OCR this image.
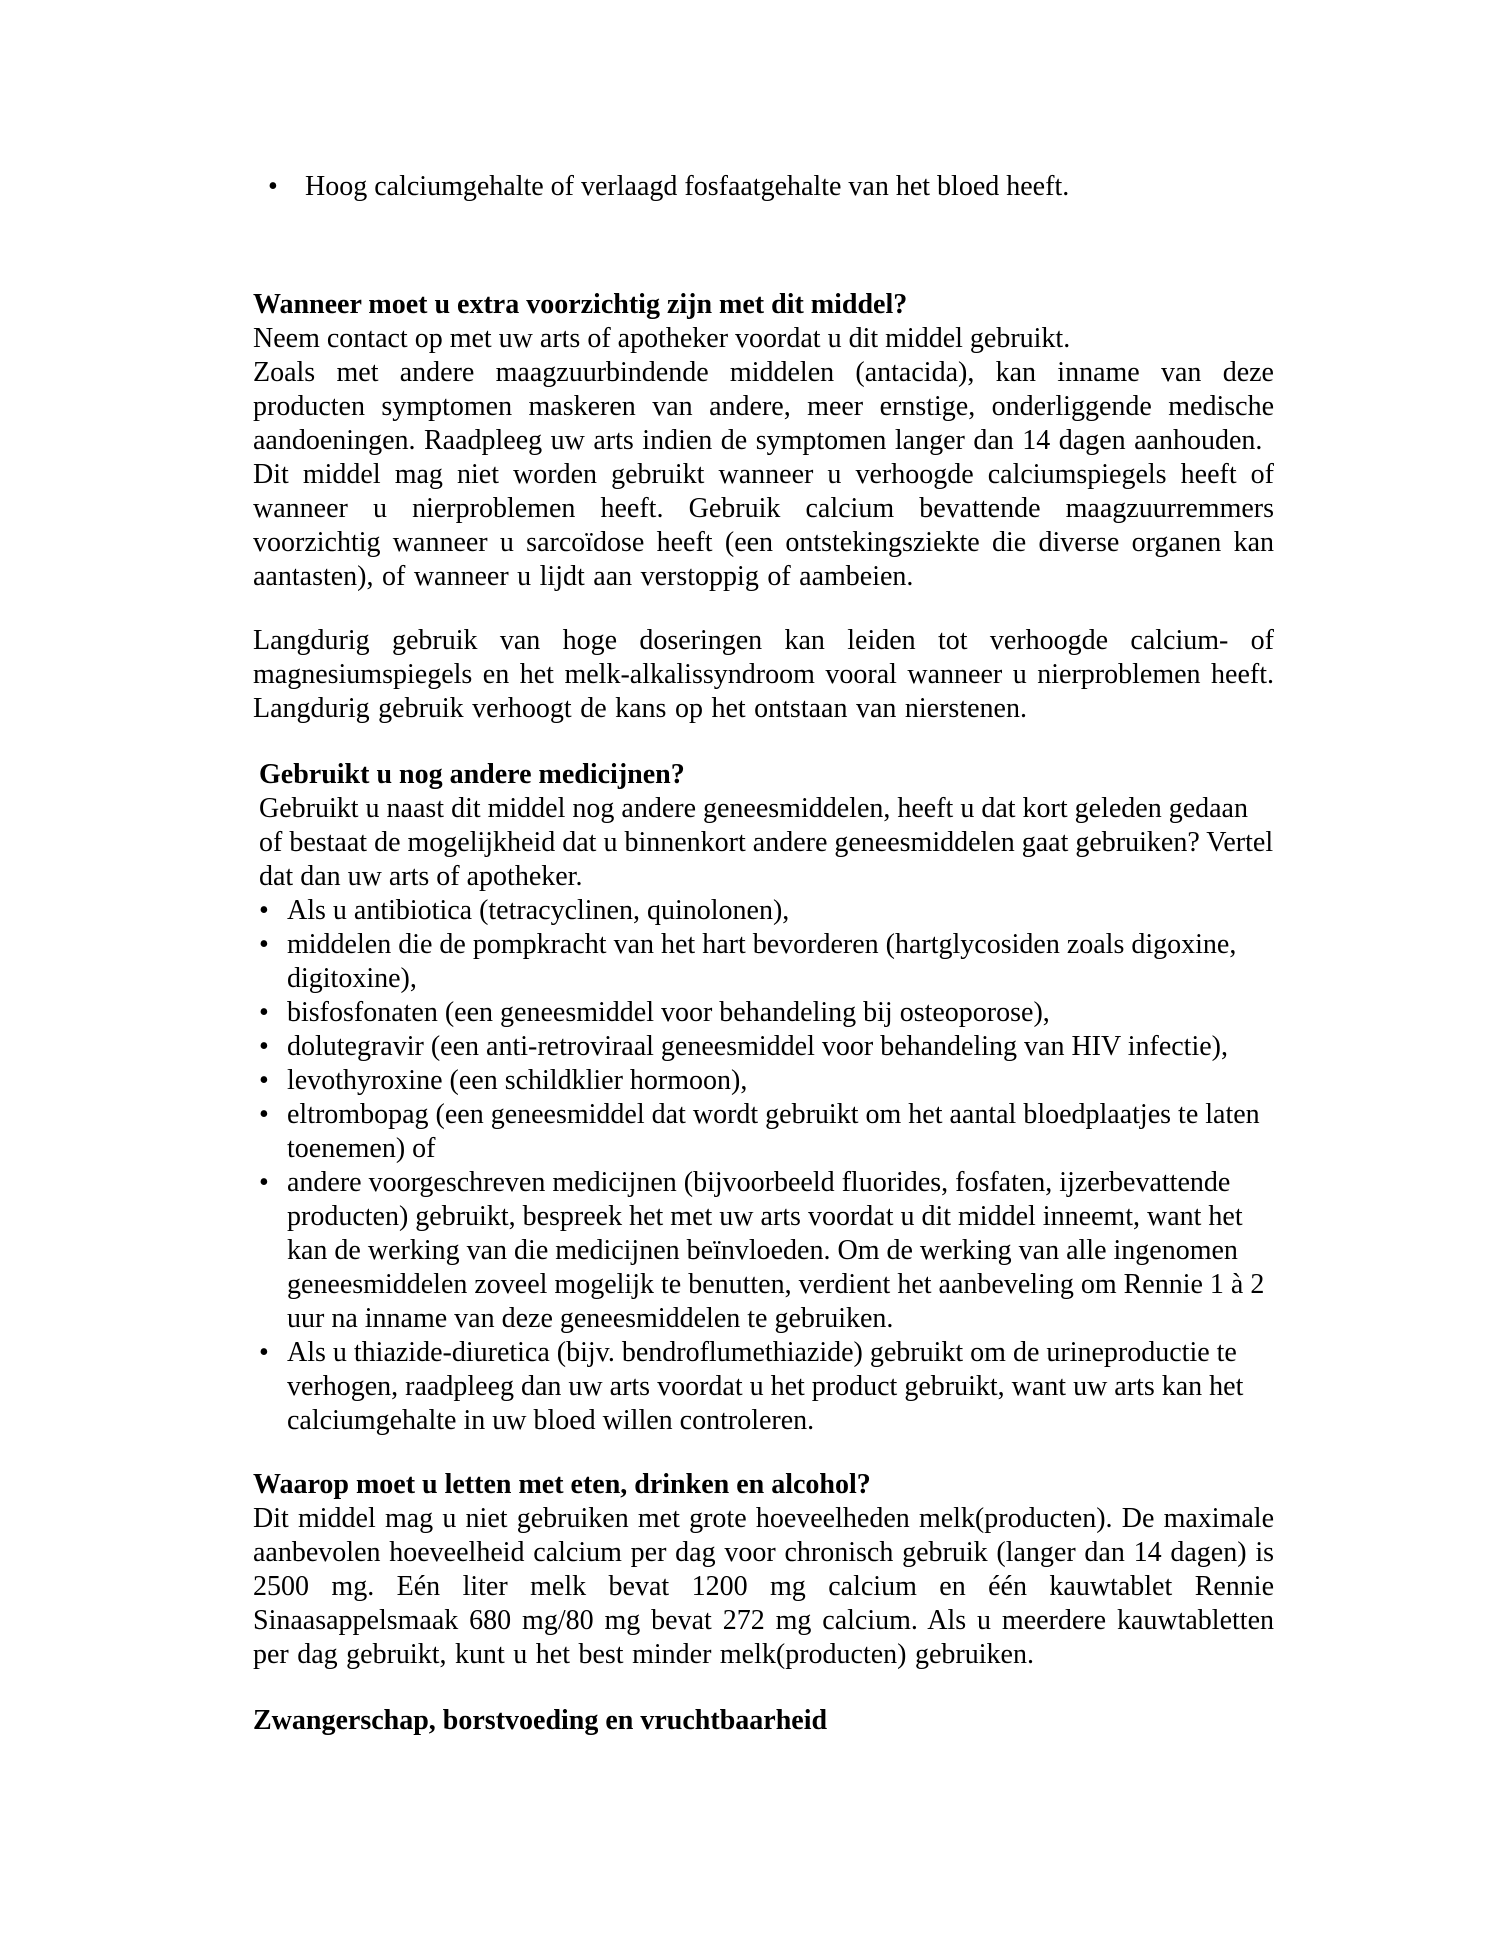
• Hoog calciumgehalte of verlaagd fosfaatgehalte van het bloed heeft.
Wanneer moet u extra voorzichtig zijn met dit middel?

Neem contact op met uw arts of apotheker voordat u dit middel gebruikt.

Zoals met andere maagzuurbindende middelen (antacida), kan inname van deze producten symptomen maskeren van andere, meer ernstige, onderliggende medische aandoeningen. Raadpleeg uw arts indien de symptomen langer dan 14 dagen aanhouden.

Dit middel mag niet worden gebruikt wanneer u verhoogde calciumspiegels heeft of wanneer u nierproblemen heeft. Gebruik calcium bevattende maagzuurremmers voorzichtig wanneer u sarcoïdose heeft (een ontstekingsziekte die diverse organen kan aantasten), of wanneer u lijdt aan verstoppig of aambeien.

Langdurig gebruik van hoge doseringen kan leiden tot verhoogde calcium- of magnesiumspiegels en het melk-alkalissyndroom vooral wanneer u nierproblemen heeft. Langdurig gebruik verhoogt de kans op het ontstaan van nierstenen.

Gebruikt u nog andere medicijnen?

Gebruikt u naast dit middel nog andere geneesmiddelen, heeft u dat kort geleden gedaan of bestaat de mogelijkheid dat u binnenkort andere geneesmiddelen gaat gebruiken? Vertel dat dan uw arts of apotheker.

• Als u antibiotica (tetracyclinen, quinolonen),
• middelen die de pompkracht van het hart bevorderen (hartglycosiden zoals digoxine, digitoxine),
• bisfosfonaten (een geneesmiddel voor behandeling bij osteoporose),
• dolutegravir (een anti-retroviraal geneesmiddel voor behandeling van HIV infectie),
• levothyroxine (een schildklier hormoon),
• eltrombopag (een geneesmiddel dat wordt gebruikt om het aantal bloedplaatjes te laten toenemen) of
• andere voorgeschreven medicijnen (bijvoorbeeld fluorides, fosfaten, ijzerbevattende producten) gebruikt, bespreek het met uw arts voordat u dit middel inneemt, want het kan de werking van die medicijnen beïnvloeden. Om de werking van alle ingenomen geneesmiddelen zoveel mogelijk te benutten, verdient het aanbeveling om Rennie 1 à 2 uur na inname van deze geneesmiddelen te gebruiken.
• Als u thiazide-diuretica (bijv. bendroflumethiazide) gebruikt om de urineproductie te verhogen, raadpleeg dan uw arts voordat u het product gebruikt, want uw arts kan het calciumgehalte in uw bloed willen controleren.
Waarop moet u letten met eten, drinken en alcohol?

Dit middel mag u niet gebruiken met grote hoeveelheden melk(producten). De maximale aanbevolen hoeveelheid calcium per dag voor chronisch gebruik (langer dan 14 dagen) is 2500 mg. Eén liter melk bevat 1200 mg calcium en één kauwtablet Rennie Sinaasappelsmaak 680 mg/80 mg bevat 272 mg calcium. Als u meerdere kauwtabletten per dag gebruikt, kunt u het best minder melk(producten) gebruiken.

Zwangerschap, borstvoeding en vruchtbaarheid
